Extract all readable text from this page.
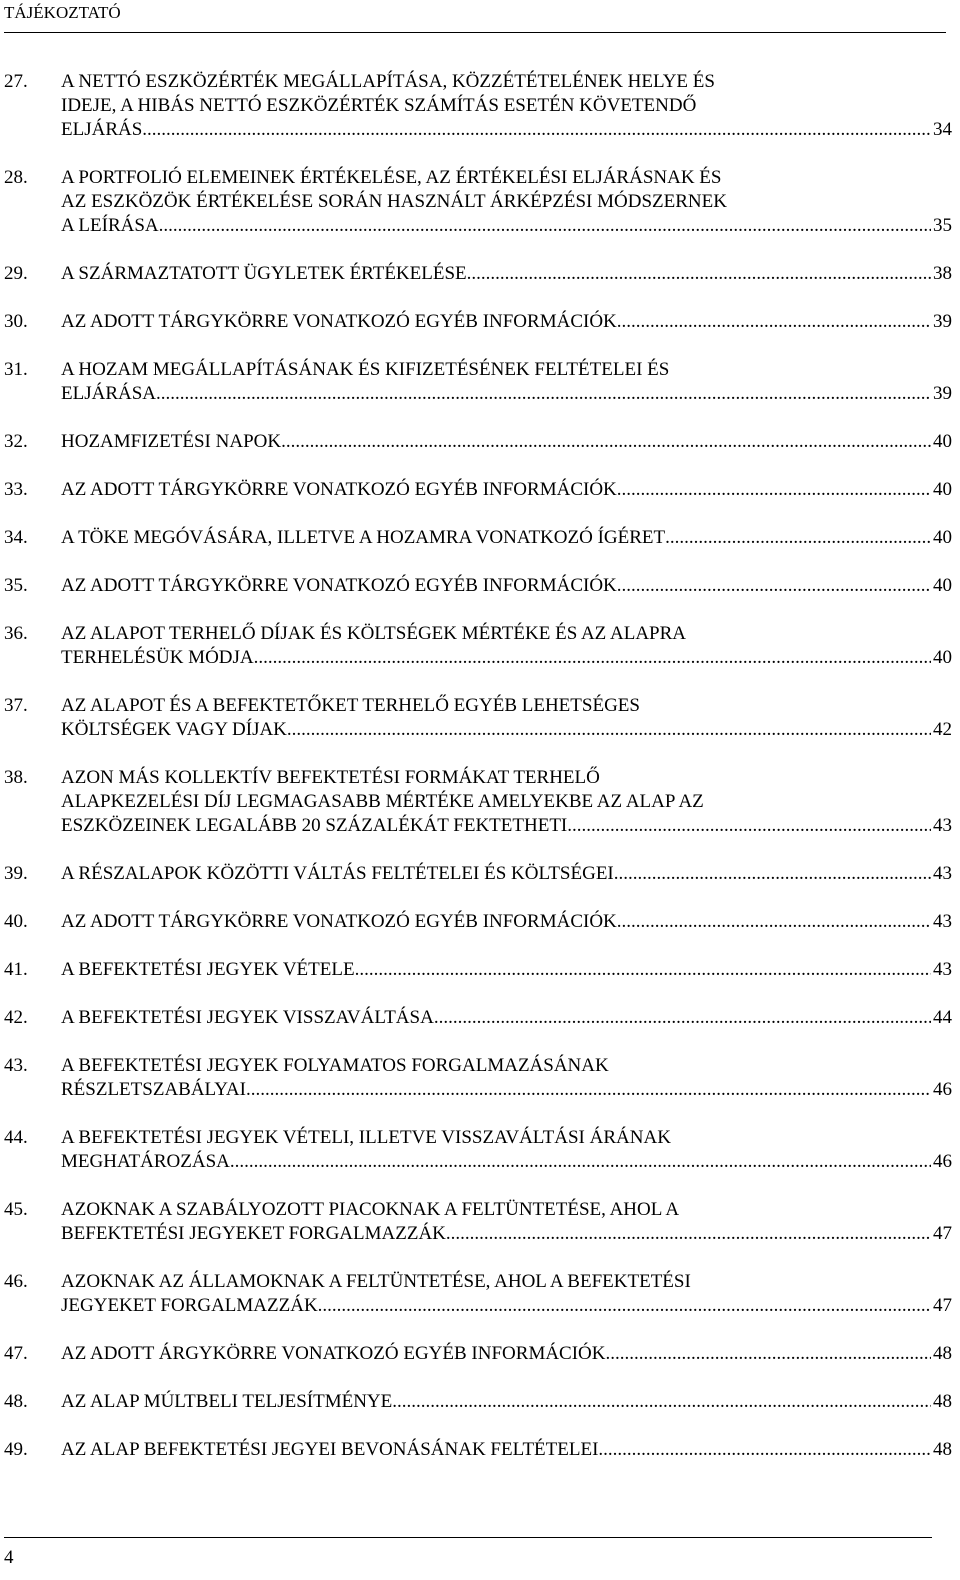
TÁJÉKOZTATÓ
27. A NETTÓ ESZKÖZÉRTÉK MEGÁLLAPÍTÁSA, KÖZZÉTÉTELÉNEK HELYE ÉS
IDEJE, A HIBÁS NETTÓ ESZKÖZÉRTÉK SZÁMÍTÁS ESETÉN KÖVETENDŐ
ELJÁRÁS .....	34
28. A PORTFOLIÓ ELEMEINEK ÉRTÉKELÉSE, AZ ÉRTÉKELÉSI ELJÁRÁSNAK ÉS
AZ ESZKÖZÖK ÉRTÉKELÉSE SORÁN HASZNÁLT ÁRKÉPZÉSI MÓDSZERNEK
A LEÍRÁSA .....	35
29. A SZÁRMAZTATOTT ÜGYLETEK ÉRTÉKELÉSE .....	38
30. AZ ADOTT TÁRGYKÖRRE VONATKOZÓ EGYÉB INFORMÁCIÓK .....	39
31. A HOZAM MEGÁLLAPÍTÁSÁNAK ÉS KIFIZETÉSÉNEK FELTÉTELEI ÉS
ELJÁRÁSA .....	39
32. HOZAMFIZETÉSI NAPOK .....	40
33. AZ ADOTT TÁRGYKÖRRE VONATKOZÓ EGYÉB INFORMÁCIÓK .....	40
34. A TÖKE MEGÓVÁSÁRA, ILLETVE A HOZAMRA VONATKOZÓ ÍGÉRET .....	40
35. AZ ADOTT TÁRGYKÖRRE VONATKOZÓ EGYÉB INFORMÁCIÓK .....	40
36. AZ ALAPOT TERHELŐ DÍJAK ÉS KÖLTSÉGEK MÉRTÉKE ÉS AZ ALAPRA
TERHELÉSÜK MÓDJA .....	40
37. AZ ALAPOT ÉS A BEFEKTETŐKET TERHELŐ EGYÉB LEHETSÉGES
KÖLTSÉGEK VAGY DÍJAK .....	42
38. AZON MÁS KOLLEKTÍV BEFEKTETÉSI FORMÁKAT TERHELŐ
ALAPKEZELÉSI DÍJ LEGMAGASABB MÉRTÉKE AMELYEKBE AZ ALAP AZ
ESZKÖZEINEK LEGALÁBB 20 SZÁZALÉKÁT FEKTETHETI .....	43
39. A RÉSZALAPOK KÖZÖTTI VÁLTÁS FELTÉTELEI ÉS KÖLTSÉGEI .....	43
40. AZ ADOTT TÁRGYKÖRRE VONATKOZÓ EGYÉB INFORMÁCIÓK .....	43
41. A BEFEKTETÉSI JEGYEK VÉTELE .....	43
42. A BEFEKTETÉSI JEGYEK VISSZAVÁLTÁSA .....	44
43. A BEFEKTETÉSI JEGYEK FOLYAMATOS FORGALMAZÁSÁNAK
RÉSZLETSZABÁLYAI .....	46
44. A BEFEKTETÉSI JEGYEK VÉTELI, ILLETVE VISSZAVÁLTÁSI ÁRÁNAK
MEGHATÁROZÁSA .....	46
45. AZOKNAK A SZABÁLYOZOTT PIACOKNAK A FELTÜNTETÉSE, AHOL A
BEFEKTETÉSI JEGYEKET FORGALMAZZÁK .....	47
46. AZOKNAK AZ ÁLLAMOKNAK A FELTÜNTETÉSE, AHOL A BEFEKTETÉSI
JEGYEKET FORGALMAZZÁK .....	47
47. AZ ADOTT ÁRGYKÖRRE VONATKOZÓ EGYÉB INFORMÁCIÓK .....	48
48. AZ ALAP MÚLTBELI TELJESÍTMÉNYE .....	48
49. AZ ALAP BEFEKTETÉSI JEGYEI BEVONÁSÁNAK FELTÉTELEI .....	48
4
